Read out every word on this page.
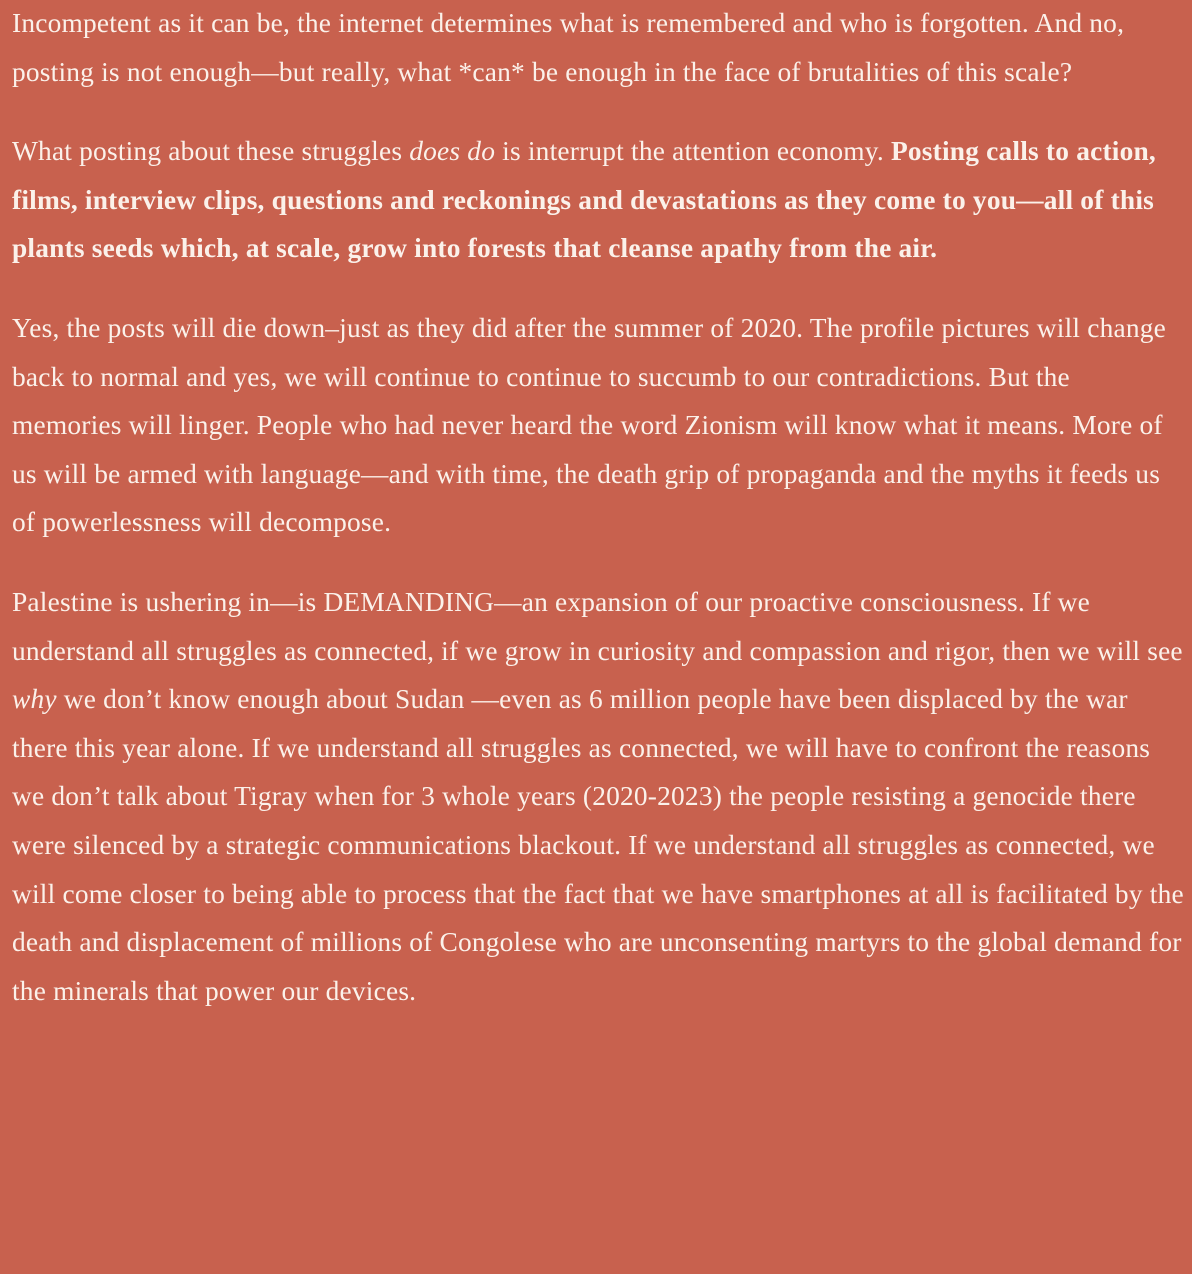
Incompetent as it can be, the internet determines what is remembered and who is forgotten. And no, posting is not enough—but really, what *can* be enough in the face of brutalities of this scale?

What posting about these struggles does do is interrupt the attention economy. Posting calls to action, films, interview clips, questions and reckonings and devastations as they come to you—all of this plants seeds which, at scale, grow into forests that cleanse apathy from the air.

Yes, the posts will die down–just as they did after the summer of 2020. The profile pictures will change back to normal and yes, we will continue to continue to succumb to our contradictions. But the memories will linger. People who had never heard the word Zionism will know what it means. More of us will be armed with language—and with time, the death grip of propaganda and the myths it feeds us of powerlessness will decompose.

Palestine is ushering in—is DEMANDING—an expansion of our proactive consciousness. If we understand all struggles as connected, if we grow in curiosity and compassion and rigor, then we will see why we don’t know enough about Sudan —even as 6 million people have been displaced by the war there this year alone. If we understand all struggles as connected, we will have to confront the reasons we don’t talk about Tigray when for 3 whole years (2020-2023) the people resisting a genocide there were silenced by a strategic communications blackout. If we understand all struggles as connected, we will come closer to being able to process that the fact that we have smartphones at all is facilitated by the death and displacement of millions of Congolese who are unconsenting martyrs to the global demand for the minerals that power our devices.
